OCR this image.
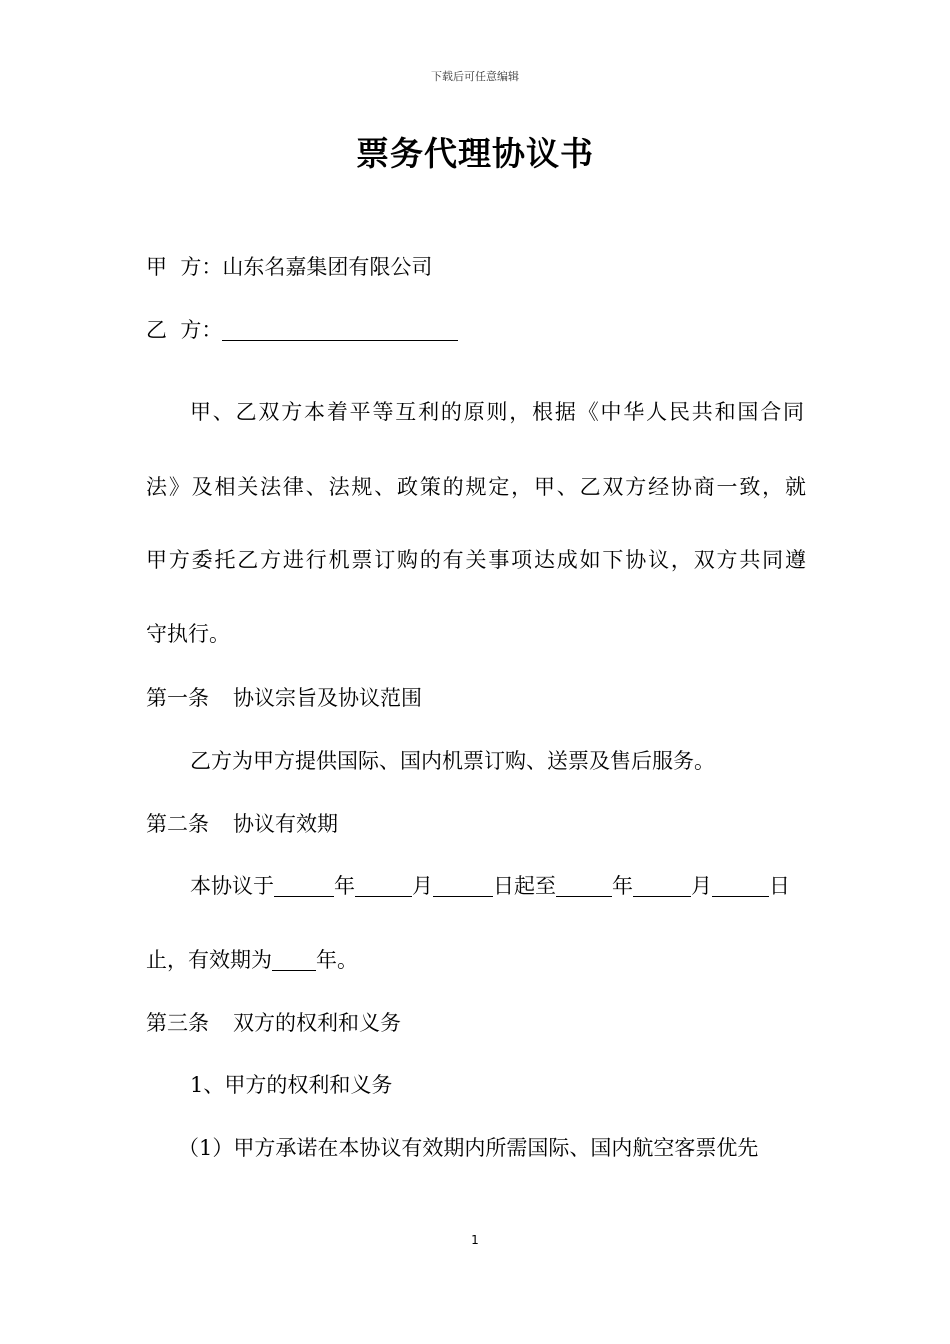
下载后可任意编辑
票务代理协议书
甲  方：山东名嘉集团有限公司
乙  方：
甲、乙双方本着平等互利的原则，根据《中华人民共和国合同
法》及相关法律、法规、政策的规定，甲、乙双方经协商一致，就
甲方委托乙方进行机票订购的有关事项达成如下协议，双方共同遵
守执行。
第一条 协议宗旨及协议范围
乙方为甲方提供国际、国内机票订购、送票及售后服务。
第二条 协议有效期
本协议于	年	月	日起至	年	月	日
止，有效期为 年。
第三条 双方的权利和义务
1、甲方的权利和义务
（1）甲方承诺在本协议有效期内所需国际、国内航空客票优先
1
